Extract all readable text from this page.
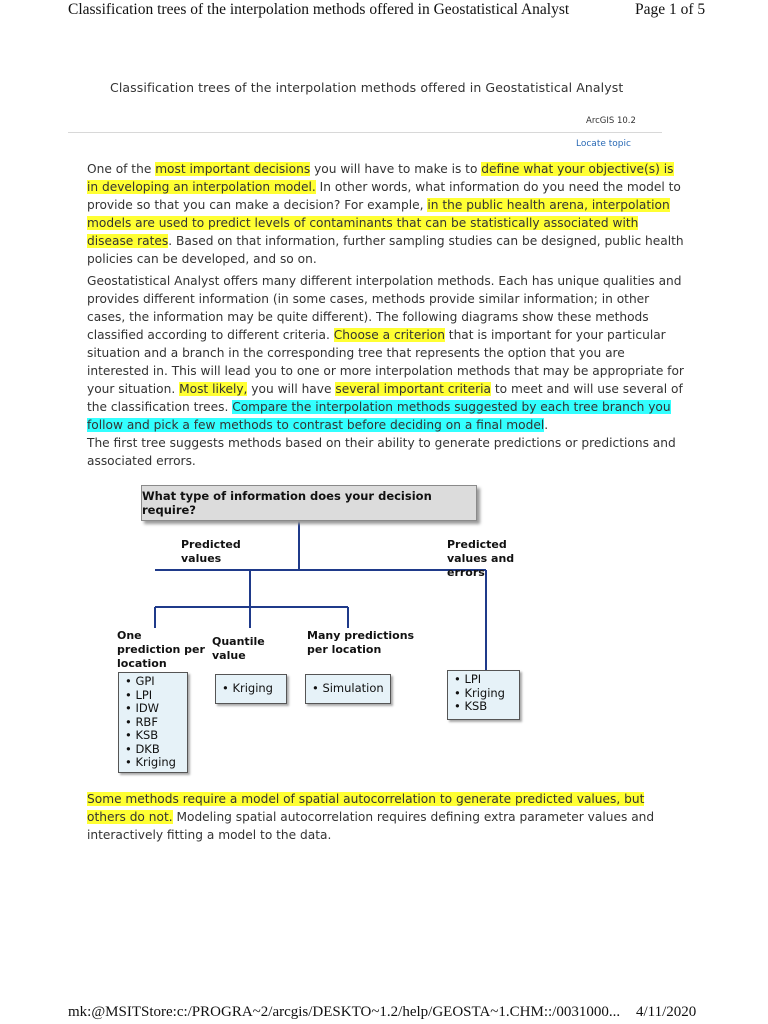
Classification trees of the interpolation methods offered in Geostatistical Analyst	Page 1 of 5
Classification trees of the interpolation methods offered in Geostatistical Analyst
ArcGIS 10.2
Locate topic

One of the most important decisions you will have to make is to define what your objective(s) is in developing an interpolation model. In other words, what information do you need the model to provide so that you can make a decision? For example, in the public health arena, interpolation models are used to predict levels of contaminants that can be statistically associated with disease rates. Based on that information, further sampling studies can be designed, public health policies can be developed, and so on.

Geostatistical Analyst offers many different interpolation methods. Each has unique qualities and provides different information (in some cases, methods provide similar information; in other cases, the information may be quite different). The following diagrams show these methods classified according to different criteria. Choose a criterion that is important for your particular situation and a branch in the corresponding tree that represents the option that you are interested in. This will lead you to one or more interpolation methods that may be appropriate for your situation. Most likely, you will have several important criteria to meet and will use several of the classification trees. Compare the interpolation methods suggested by each tree branch you follow and pick a few methods to contrast before deciding on a final model.

The first tree suggests methods based on their ability to generate predictions or predictions and associated errors.

What type of information does your decision require?
Predicted values
Predicted values and errors
One prediction per location
Quantile value
Many predictions per location
• GPI
• LPI
• IDW
• RBF
• KSB
• DKB
• Kriging
• Kriging	• Simulation
• LPI
• Kriging
• KSB

Some methods require a model of spatial autocorrelation to generate predicted values, but others do not. Modeling spatial autocorrelation requires defining extra parameter values and interactively fitting a model to the data.

mk:@MSITStore:c:/PROGRA~2/arcgis/DESKTO~1.2/help/GEOSTA~1.CHM::/0031000... 4/11/2020
